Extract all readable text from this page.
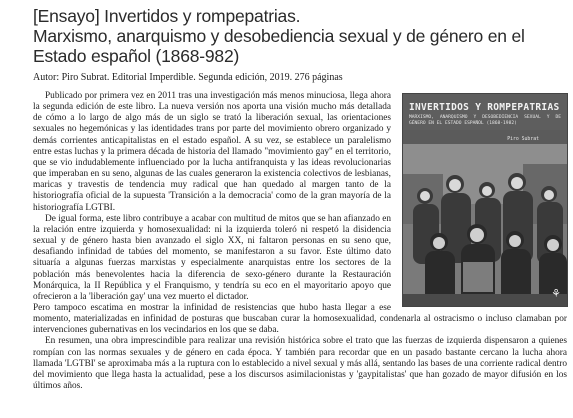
[Ensayo] Invertidos y rompepatrias.
Marxismo, anarquismo y desobediencia sexual y de género en el Estado español (1868-982)
Autor: Piro Subrat. Editorial Imperdible. Segunda edición, 2019. 276 páginas
INVERTIDOS Y ROMPEPATRIAS
MARXISMO, ANARQUISMO Y DESOBEDIENCIA SEXUAL Y DE GÉNERO EN EL ESTADO ESPAÑOL (1868-1982)
Piro Subrat
⚘

Publicado por primera vez en 2011 tras una investigación más menos minuciosa, llega ahora la segunda edición de este libro. La nueva versión nos aporta una visión mucho más detallada de cómo a lo largo de algo más de un siglo se trató la liberación sexual, las orientaciones sexuales no hegemónicas y las identidades trans por parte del movimiento obrero organizado y demás corrientes anticapitalistas en el estado español. A su vez, se establece un paralelismo entre estas luchas y la primera década de historia del llamado "movimiento gay" en el territorio, que se vio indudablemente influenciado por la lucha antifranquista y las ideas revolucionarias que imperaban en su seno, algunas de las cuales generaron la existencia colectivos de lesbianas, maricas y travestis de tendencia muy radical que han quedado al margen tanto de la historiografía oficial de la supuesta 'Transición a la democracia' como de la gran mayoría de la historiografía LGTBI.

De igual forma, este libro contribuye a acabar con multitud de mitos que se han afianzado en la relación entre izquierda y homosexualidad: ni la izquierda toleró ni respetó la disidencia sexual y de género hasta bien avanzado el siglo XX, ni faltaron personas en su seno que, desafiando infinidad de tabúes del momento, se manifestaron a su favor. Este último dato situaría a algunas fuerzas marxistas y especialmente anarquistas entre los sectores de la población más benevolentes hacia la diferencia de sexo-género durante la Restauración Monárquica, la II República y el Franquismo, y tendría su eco en el mayoritario apoyo que ofrecieron a la 'liberación gay' una vez muerto el dictador.

Pero tampoco escatima en mostrar la infinidad de resistencias que hubo hasta llegar a ese momento, materializadas en infinidad de posturas que buscaban curar la homosexualidad, condenarla al ostracismo o incluso clamaban por intervenciones gubernativas en los vecindarios en los que se daba.

En resumen, una obra imprescindible para realizar una revisión histórica sobre el trato que las fuerzas de izquierda dispensaron a quienes rompían con las normas sexuales y de género en cada época. Y también para recordar que en un pasado bastante cercano la lucha ahora llamada 'LGTBI' se aproximaba más a la ruptura con lo establecido a nivel sexual y más allá, sentando las bases de una corriente radical dentro del movimiento que llega hasta la actualidad, pese a los discursos asimilacionistas y 'gaypitalistas' que han gozado de mayor difusión en los últimos años.
